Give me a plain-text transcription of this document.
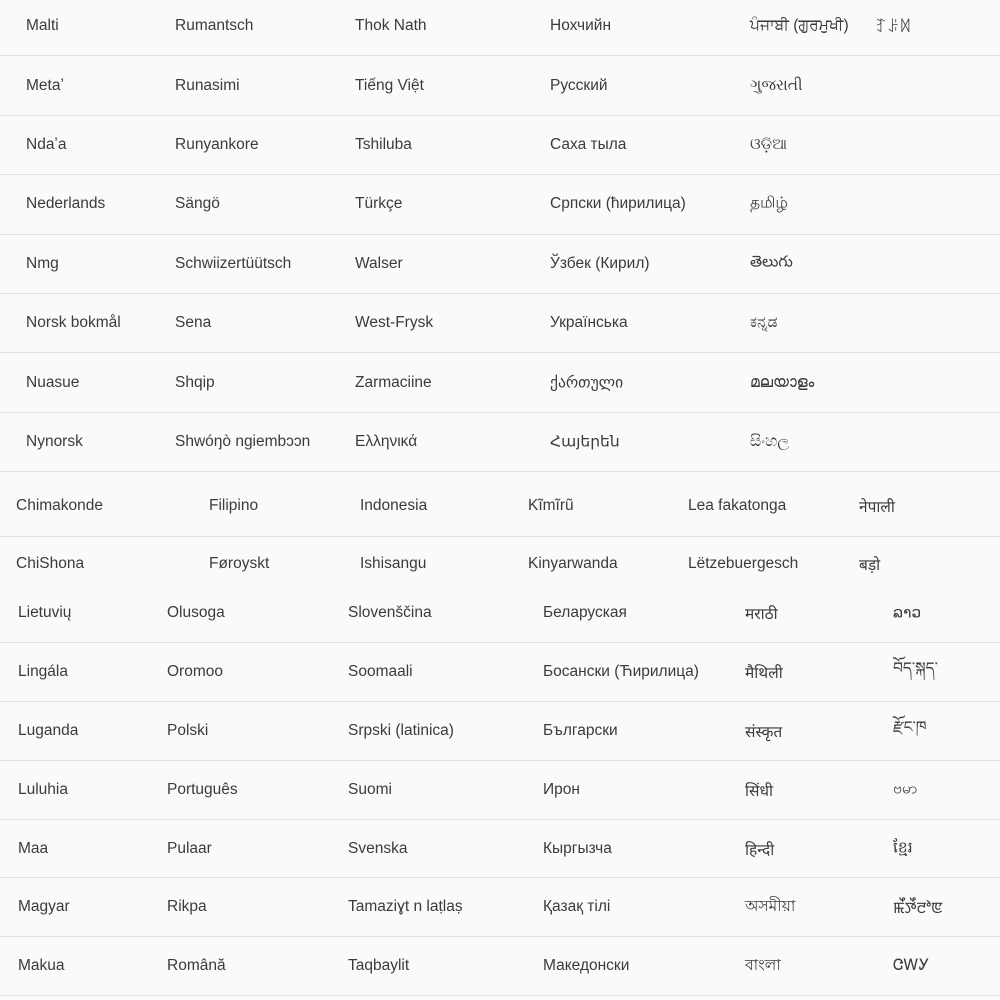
Malti	Rumantsch	Thok Nath	Нохчийн	ਪੰਜਾਬੀ (ਗੁਰਮੁਖੀ) ꆈꌠꉙ
Metaʼ	Runasimi	Tiếng Việt	Русский	ગુજરાતી
Ndaʼa	Runyankore	Tshiluba	Саха тыла	ଓଡ଼ିଆ
Nederlands	Sängö	Türkçe	Српски (ћирилица)	தமிழ்
Nmg	Schwiizertüütsch	Walser	Ўзбек (Кирил)	తెలుగు
Norsk bokmål	Sena	West-Frysk	Українська	ಕನ್ನಡ
Nuasue	Shqip	Zarmaciine	ქართული	മലയാളം
Nynorsk	Shwóŋò ngiembɔɔn	Ελληνικά	Հայերեն	සිංහල
Chimakonde	Filipino	Indonesia	Kĩmĩrũ	Lea fakatonga	नेपाली
ChiShona	Føroyskt	Ishisangu	Kinyarwanda	Lëtzebuergesch	बड़ो
Lietuvių	Olusoga	Slovenščina	Беларуская	मराठी	ລາວ
Lingála	Oromoo	Soomaali	Босански (Ћирилица)	मैथिली	བོད་སྐད་
Luganda	Polski	Srpski (latinica)	Български	संस्कृत	རྫོང་ཁ
Luluhia	Português	Suomi	Ирон	सिंधी	ဗမာ
Maa	Pulaar	Svenska	Кыргызча	हिन्दी	ខ្មែរ
Magyar	Rikpa	Tamaziɣt n laṭlaṣ	Қазақ тілі	অসমীয়া	ꯃꯩꯇꯩꯂꯣꯟ
Makua	Română	Taqbaylit	Македонски	বাংলা	ᏣᎳᎩ
